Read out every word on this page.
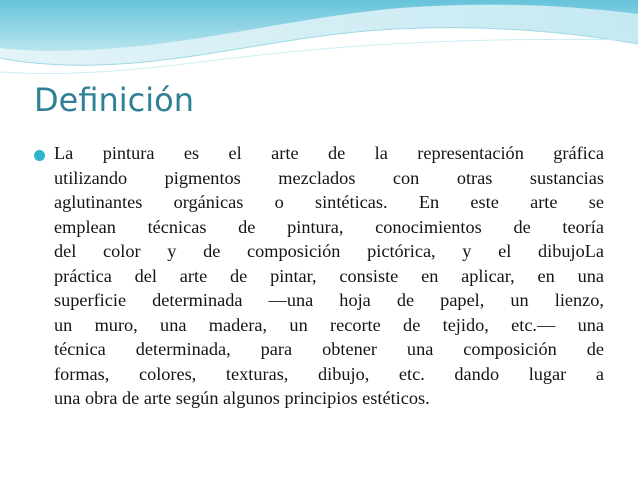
Definición
La pintura es el arte de la representación gráfica
utilizando pigmentos mezclados con otras sustancias
aglutinantes orgánicas o sintéticas. En este arte se
emplean técnicas de pintura, conocimientos de teoría
del color y de composición pictórica, y el dibujoLa
práctica del arte de pintar, consiste en aplicar, en una
superficie determinada —una hoja de papel, un lienzo,
un muro, una madera, un recorte de tejido, etc.— una
técnica determinada, para obtener una composición de
formas, colores, texturas, dibujo, etc. dando lugar a
una obra de arte según algunos principios estéticos.
